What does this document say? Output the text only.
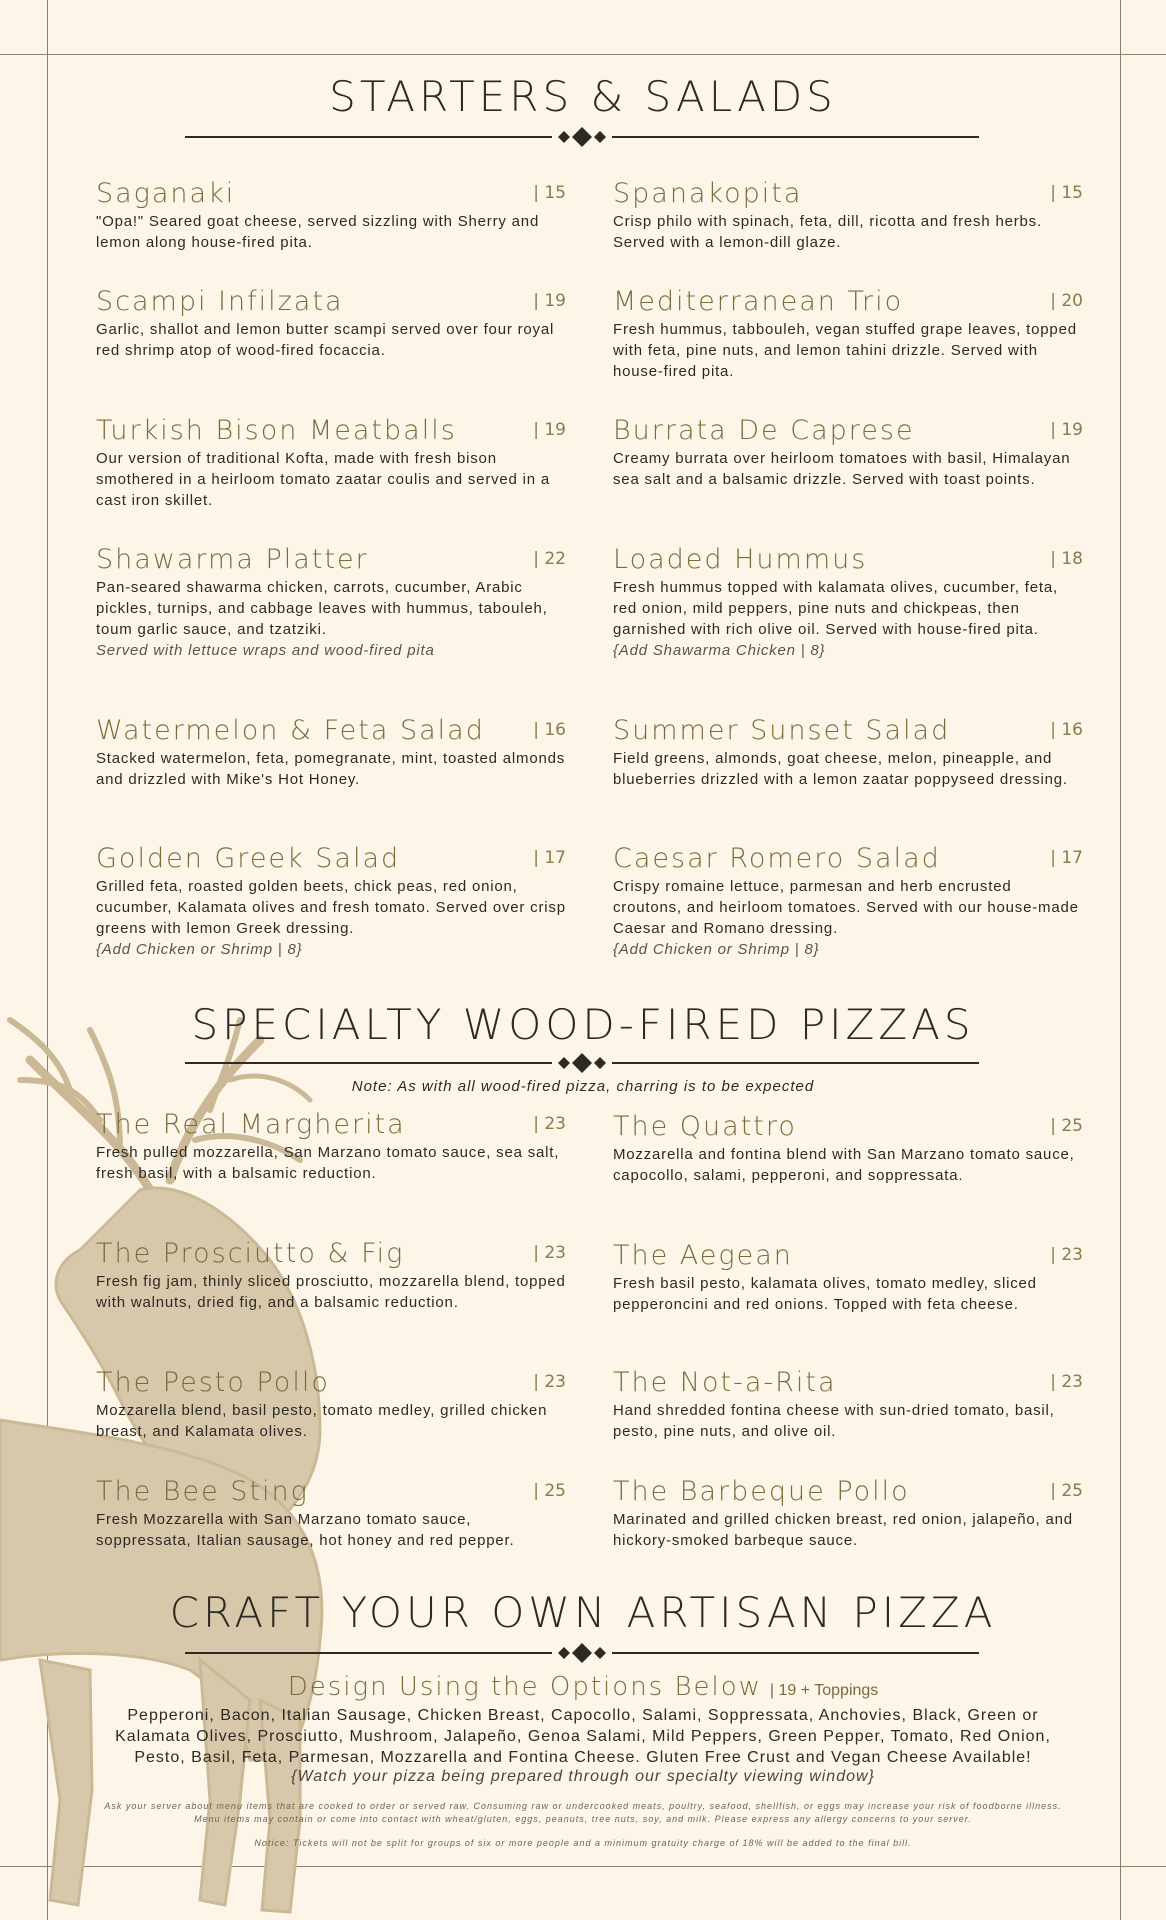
STARTERS & SALADS
Saganaki	| 15
"Opa!" Seared goat cheese, served sizzling with Sherry and lemon along house-fired pita.
Spanakopita	| 15
Crisp philo with spinach, feta, dill, ricotta and fresh herbs. Served with a lemon-dill glaze.
Scampi Infilzata	| 19
Garlic, shallot and lemon butter scampi served over four royal red shrimp atop of wood-fired focaccia.
Mediterranean Trio	| 20
Fresh hummus, tabbouleh, vegan stuffed grape leaves, topped with feta, pine nuts, and lemon tahini drizzle. Served with house-fired pita.
Turkish Bison Meatballs	| 19
Our version of traditional Kofta, made with fresh bison smothered in a heirloom tomato zaatar coulis and served in a cast iron skillet.
Burrata De Caprese	| 19
Creamy burrata over heirloom tomatoes with basil, Himalayan sea salt and a balsamic drizzle. Served with toast points.
Shawarma Platter	| 22
Pan-seared shawarma chicken, carrots, cucumber, Arabic pickles, turnips, and cabbage leaves with hummus, tabouleh, toum garlic sauce, and tzatziki.
Served with lettuce wraps and wood-fired pita
Loaded Hummus	| 18
Fresh hummus topped with kalamata olives, cucumber, feta, red onion, mild peppers, pine nuts and chickpeas, then garnished with rich olive oil. Served with house-fired pita.
{Add Shawarma Chicken | 8}
Watermelon & Feta Salad	| 16
Stacked watermelon, feta, pomegranate, mint, toasted almonds and drizzled with Mike's Hot Honey.
Summer Sunset Salad	| 16
Field greens, almonds, goat cheese, melon, pineapple, and blueberries drizzled with a lemon zaatar poppyseed dressing.
Golden Greek Salad	| 17
Grilled feta, roasted golden beets, chick peas, red onion, cucumber, Kalamata olives and fresh tomato. Served over crisp greens with lemon Greek dressing.
{Add Chicken or Shrimp | 8}
Caesar Romero Salad	| 17
Crispy romaine lettuce, parmesan and herb encrusted croutons, and heirloom tomatoes. Served with our house-made Caesar and Romano dressing.
{Add Chicken or Shrimp | 8}
SPECIALTY WOOD-FIRED PIZZAS
Note: As with all wood-fired pizza, charring is to be expected
The Real Margherita	| 23
Fresh pulled mozzarella, San Marzano tomato sauce, sea salt, fresh basil, with a balsamic reduction.
The Quattro	| 25
Mozzarella and fontina blend with San Marzano tomato sauce, capocollo, salami, pepperoni, and soppressata.
The Prosciutto & Fig	| 23
Fresh fig jam, thinly sliced prosciutto, mozzarella blend, topped with walnuts, dried fig, and a balsamic reduction.
The Aegean	| 23
Fresh basil pesto, kalamata olives, tomato medley, sliced pepperoncini and red onions. Topped with feta cheese.
The Pesto Pollo	| 23
Mozzarella blend, basil pesto, tomato medley, grilled chicken breast, and Kalamata olives.
The Not-a-Rita	| 23
Hand shredded fontina cheese with sun-dried tomato, basil, pesto, pine nuts, and olive oil.
The Bee Sting	| 25
Fresh Mozzarella with San Marzano tomato sauce, soppressata, Italian sausage, hot honey and red pepper.
The Barbeque Pollo	| 25
Marinated and grilled chicken breast, red onion, jalapeño, and hickory-smoked barbeque sauce.
CRAFT YOUR OWN ARTISAN PIZZA
Design Using the Options Below | 19 + Toppings
Pepperoni, Bacon, Italian Sausage, Chicken Breast, Capocollo, Salami, Soppressata, Anchovies, Black, Green or Kalamata Olives, Prosciutto, Mushroom, Jalapeño, Genoa Salami, Mild Peppers, Green Pepper, Tomato, Red Onion, Pesto, Basil, Feta, Parmesan, Mozzarella and Fontina Cheese. Gluten Free Crust and Vegan Cheese Available!
{Watch your pizza being prepared through our specialty viewing window}
Ask your server about menu items that are cooked to order or served raw. Consuming raw or undercooked meats, poultry, seafood, shellfish, or eggs may increase your risk of foodborne illness. Menu items may contain or come into contact with wheat/gluten, eggs, peanuts, tree nuts, soy, and milk. Please express any allergy concerns to your server.
Notice: Tickets will not be split for groups of six or more people and a minimum gratuity charge of 18% will be added to the final bill.
